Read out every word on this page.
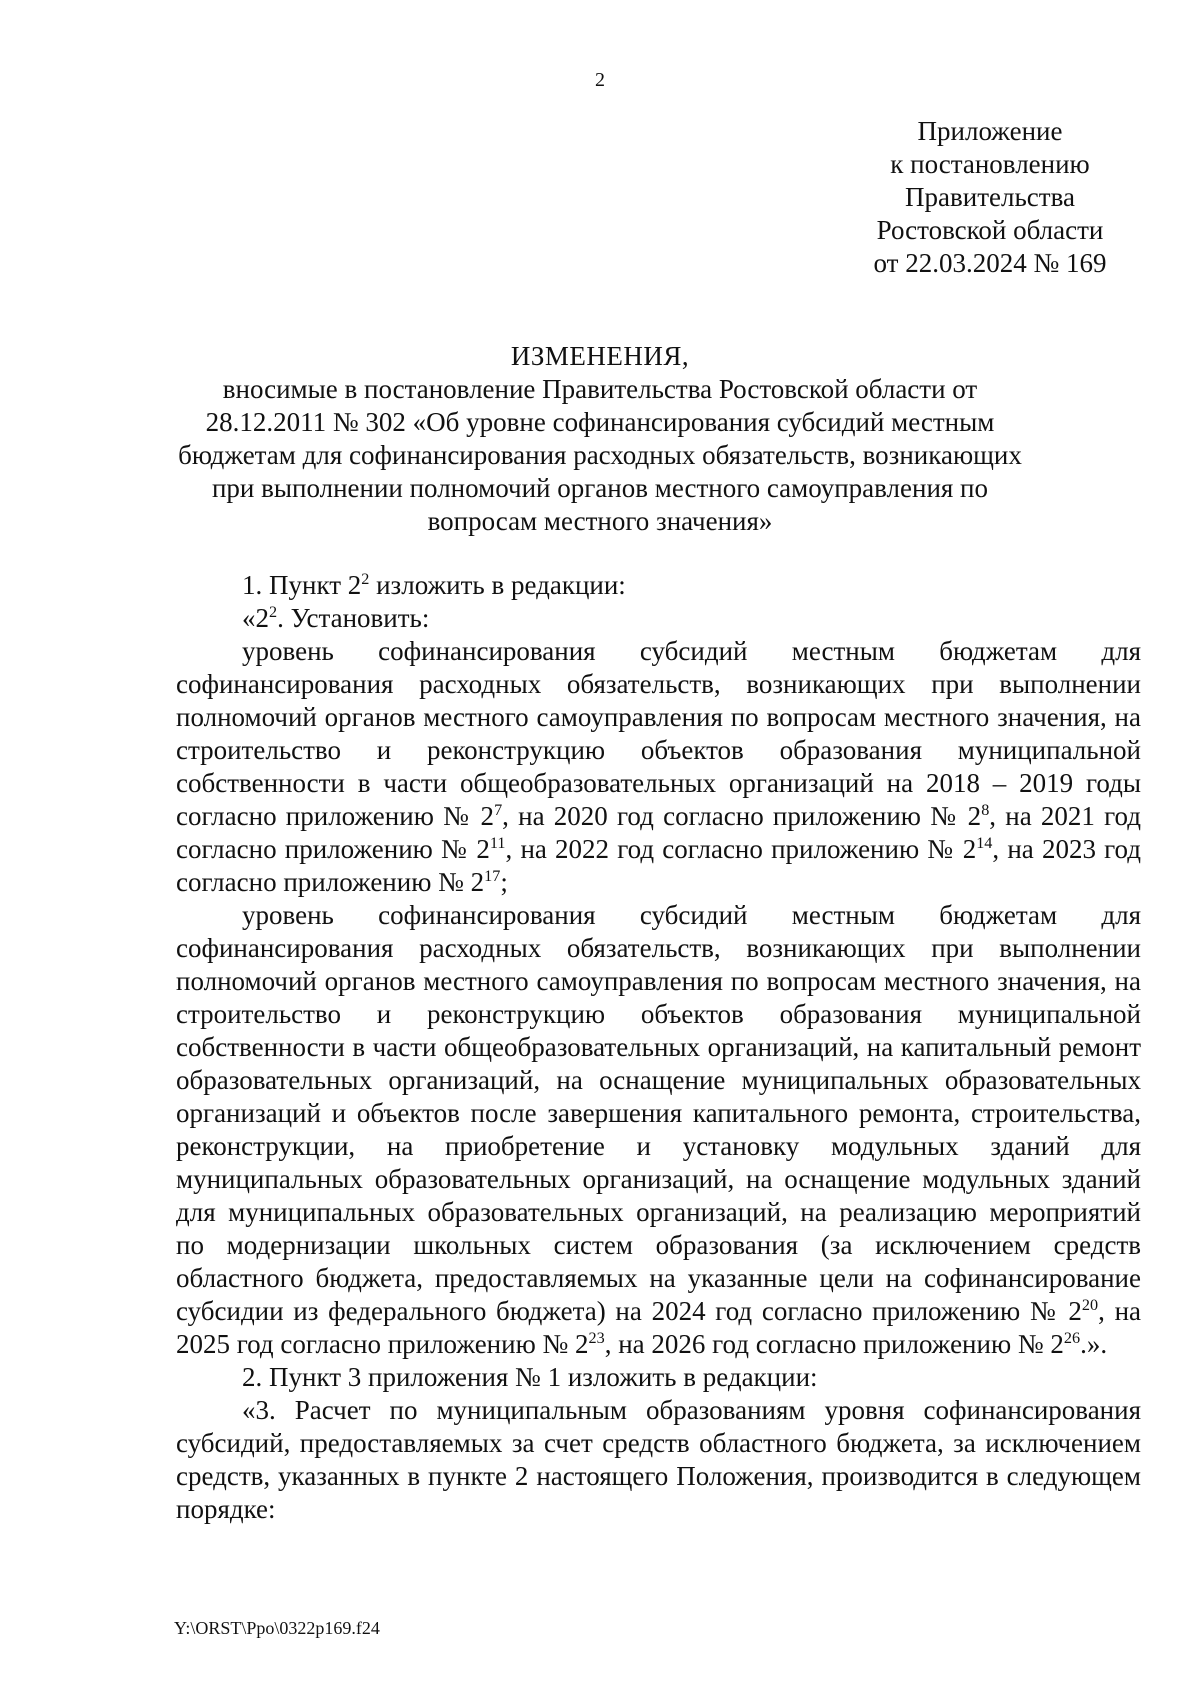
2
Приложение
к постановлению
Правительства
Ростовской области
от 22.03.2024 № 169
ИЗМЕНЕНИЯ,
вносимые в постановление Правительства Ростовской области от 28.12.2011 № 302 «Об уровне софинансирования субсидий местным бюджетам для софинансирования расходных обязательств, возникающих при выполнении полномочий органов местного самоуправления по вопросам местного значения»

1. Пункт $2^2$ изложить в редакции:

«$2^2$. Установить:

уровень софинансирования субсидий местным бюджетам для софинансирования расходных обязательств, возникающих при выполнении полномочий органов местного самоуправления по вопросам местного значения, на строительство и реконструкцию объектов образования муниципальной собственности в части общеобразовательных организаций на 2018 – 2019 годы согласно приложению № $2^7$, на 2020 год согласно приложению № $2^8$, на 2021 год согласно приложению № $2^{11}$, на 2022 год согласно приложению № $2^{14}$, на 2023 год согласно приложению № $2^{17}$;

уровень софинансирования субсидий местным бюджетам для софинансирования расходных обязательств, возникающих при выполнении полномочий органов местного самоуправления по вопросам местного значения, на строительство и реконструкцию объектов образования муниципальной собственности в части общеобразовательных организаций, на капитальный ремонт образовательных организаций, на оснащение муниципальных образовательных организаций и объектов после завершения капитального ремонта, строительства, реконструкции, на приобретение и установку модульных зданий для муниципальных образовательных организаций, на оснащение модульных зданий для муниципальных образовательных организаций, на реализацию мероприятий по модернизации школьных систем образования (за исключением средств областного бюджета, предоставляемых на указанные цели на софинансирование субсидии из федерального бюджета) на 2024 год согласно приложению № $2^{20}$, на 2025 год согласно приложению № $2^{23}$, на 2026 год согласно приложению № $2^{26}$.».

2. Пункт 3 приложения № 1 изложить в редакции:

«3. Расчет по муниципальным образованиям уровня софинансирования субсидий, предоставляемых за счет средств областного бюджета, за исключением средств, указанных в пункте 2 настоящего Положения, производится в следующем порядке:

Y:\ORST\Ppo\0322p169.f24
